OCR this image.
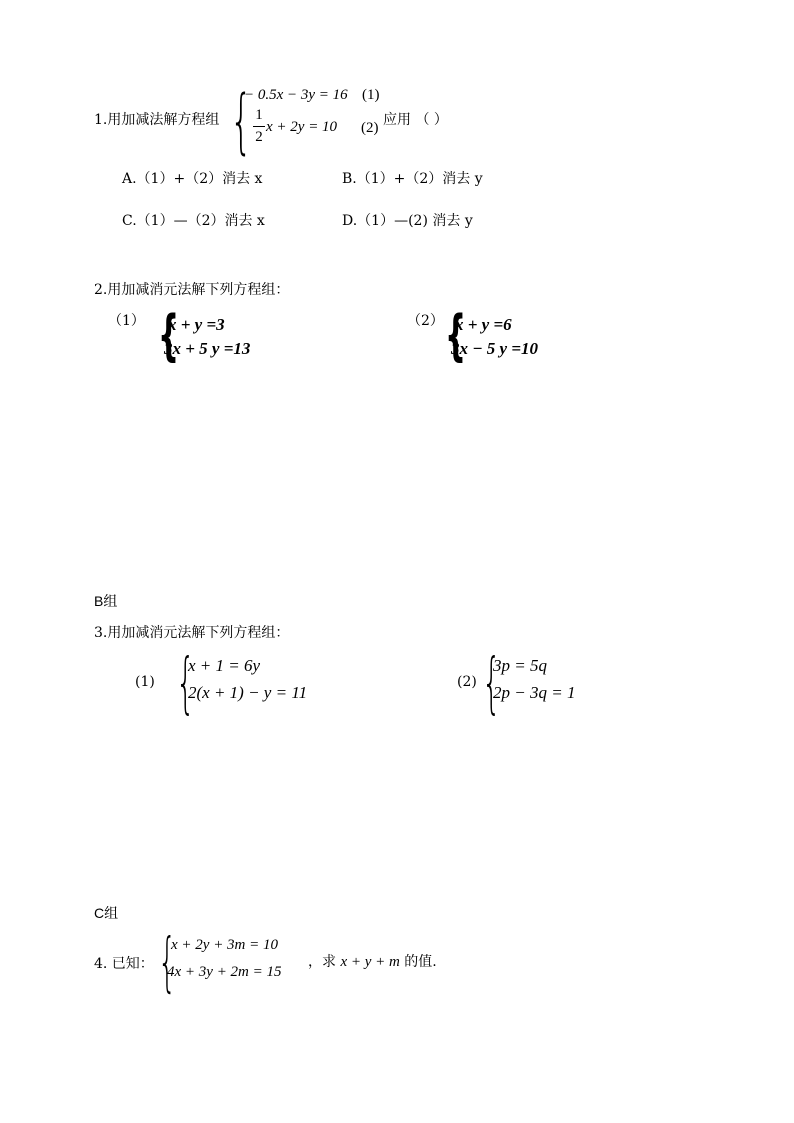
1.用加减法解方程组 {
− 0.5x − 3y = 16 (1)
1
2
x + 2y = 10 (2) 应用 （ ）
A.（1）+（2）消去 x	B.（1）+（2）消去 y
C.（1）—（2）消去 x	D.（1）—(2) 消去 y
2.用加减消元法解下列方程组：
（1） {
x + y =3
3x + 5 y =13
（2） {
x + y =6
3x − 5 y =10
B组
3.用加减消元法解下列方程组：
(1) {
x + 1 = 6y
2(x + 1) − y = 11
(2) {
3p = 5q
2p − 3q = 1
C组
4. 已知： {
x + 2y + 3m = 10
4x + 3y + 2m = 15
，求 x + y + m 的值.
